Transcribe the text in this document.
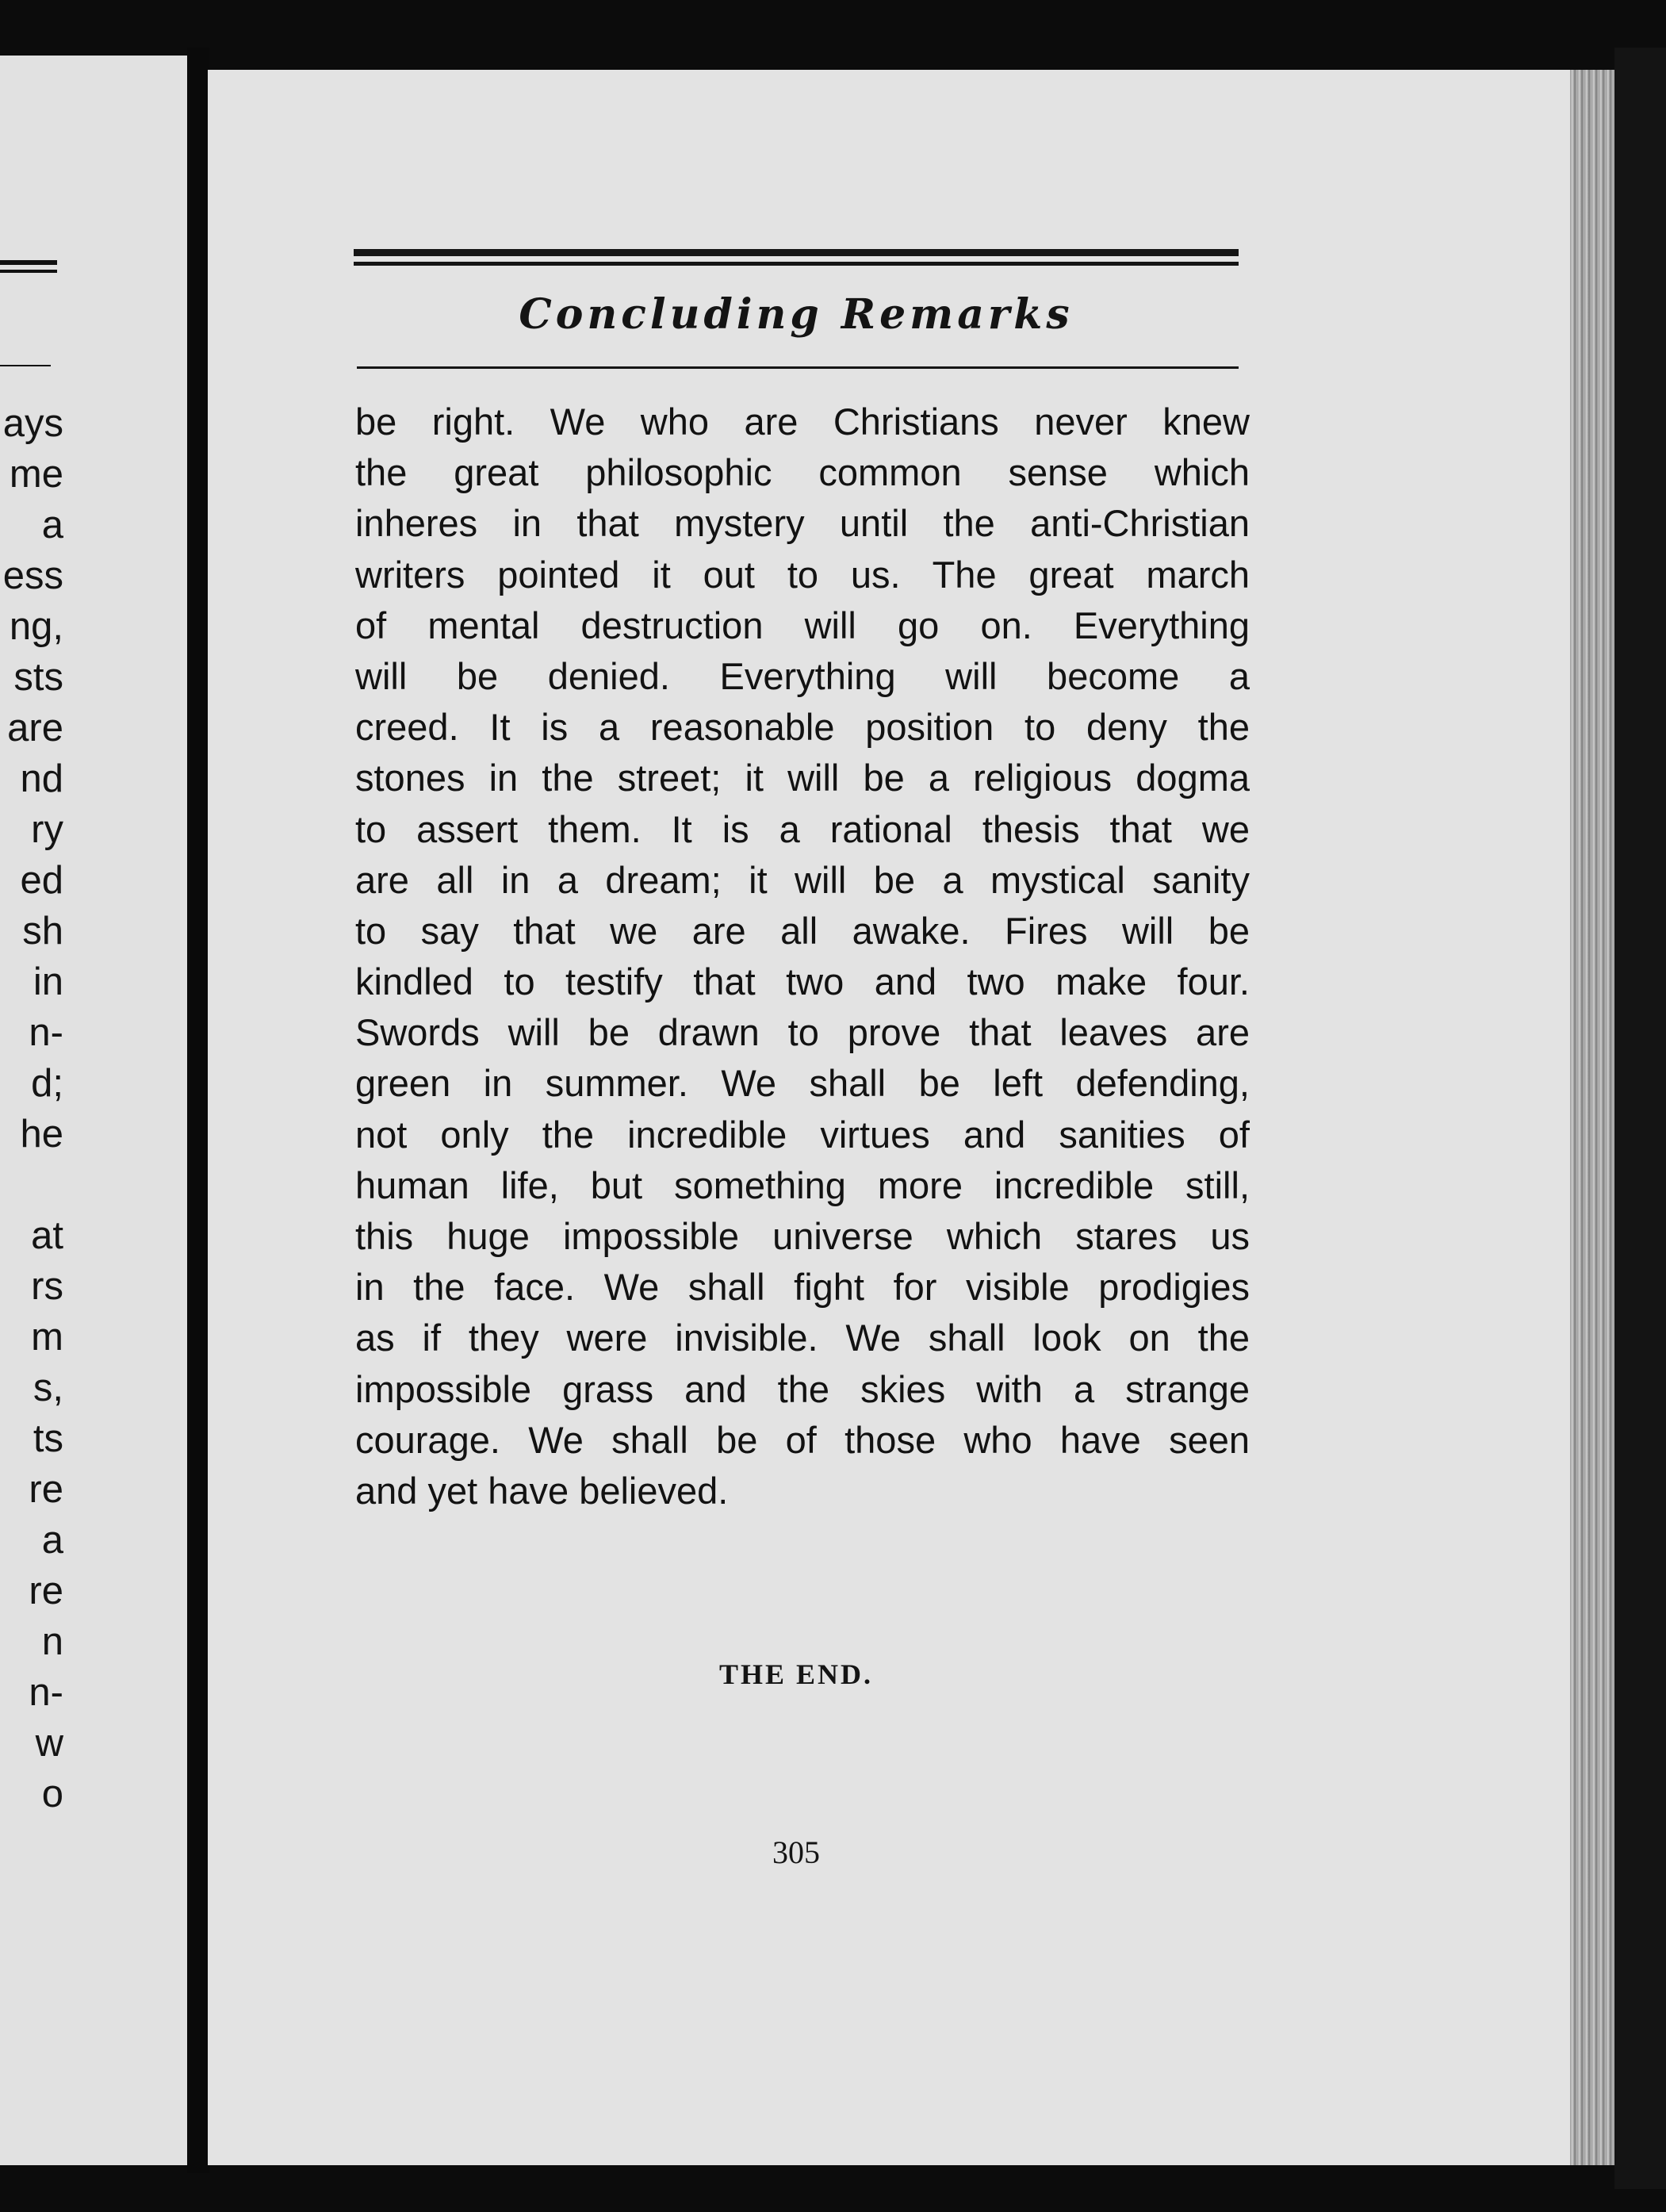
ays
me
a
ess
ng,
sts
are
nd
ry
ed
sh
in
n-
d;
he
at
rs
m
s,
ts
re
a
re
n
n-
w
o
Concluding Remarks
be right. We who are Christians never knew
the great philosophic common sense which
inheres in that mystery until the anti-Christian
writers pointed it out to us. The great march
of mental destruction will go on. Everything
will be denied. Everything will become a
creed. It is a reasonable position to deny the
stones in the street; it will be a religious dogma
to assert them. It is a rational thesis that we
are all in a dream; it will be a mystical sanity
to say that we are all awake. Fires will be
kindled to testify that two and two make four.
Swords will be drawn to prove that leaves are
green in summer. We shall be left defending,
not only the incredible virtues and sanities of
human life, but something more incredible still,
this huge impossible universe which stares us
in the face. We shall fight for visible prodigies
as if they were invisible. We shall look on the
impossible grass and the skies with a strange
courage. We shall be of those who have seen
and yet have believed.
THE END.
305
